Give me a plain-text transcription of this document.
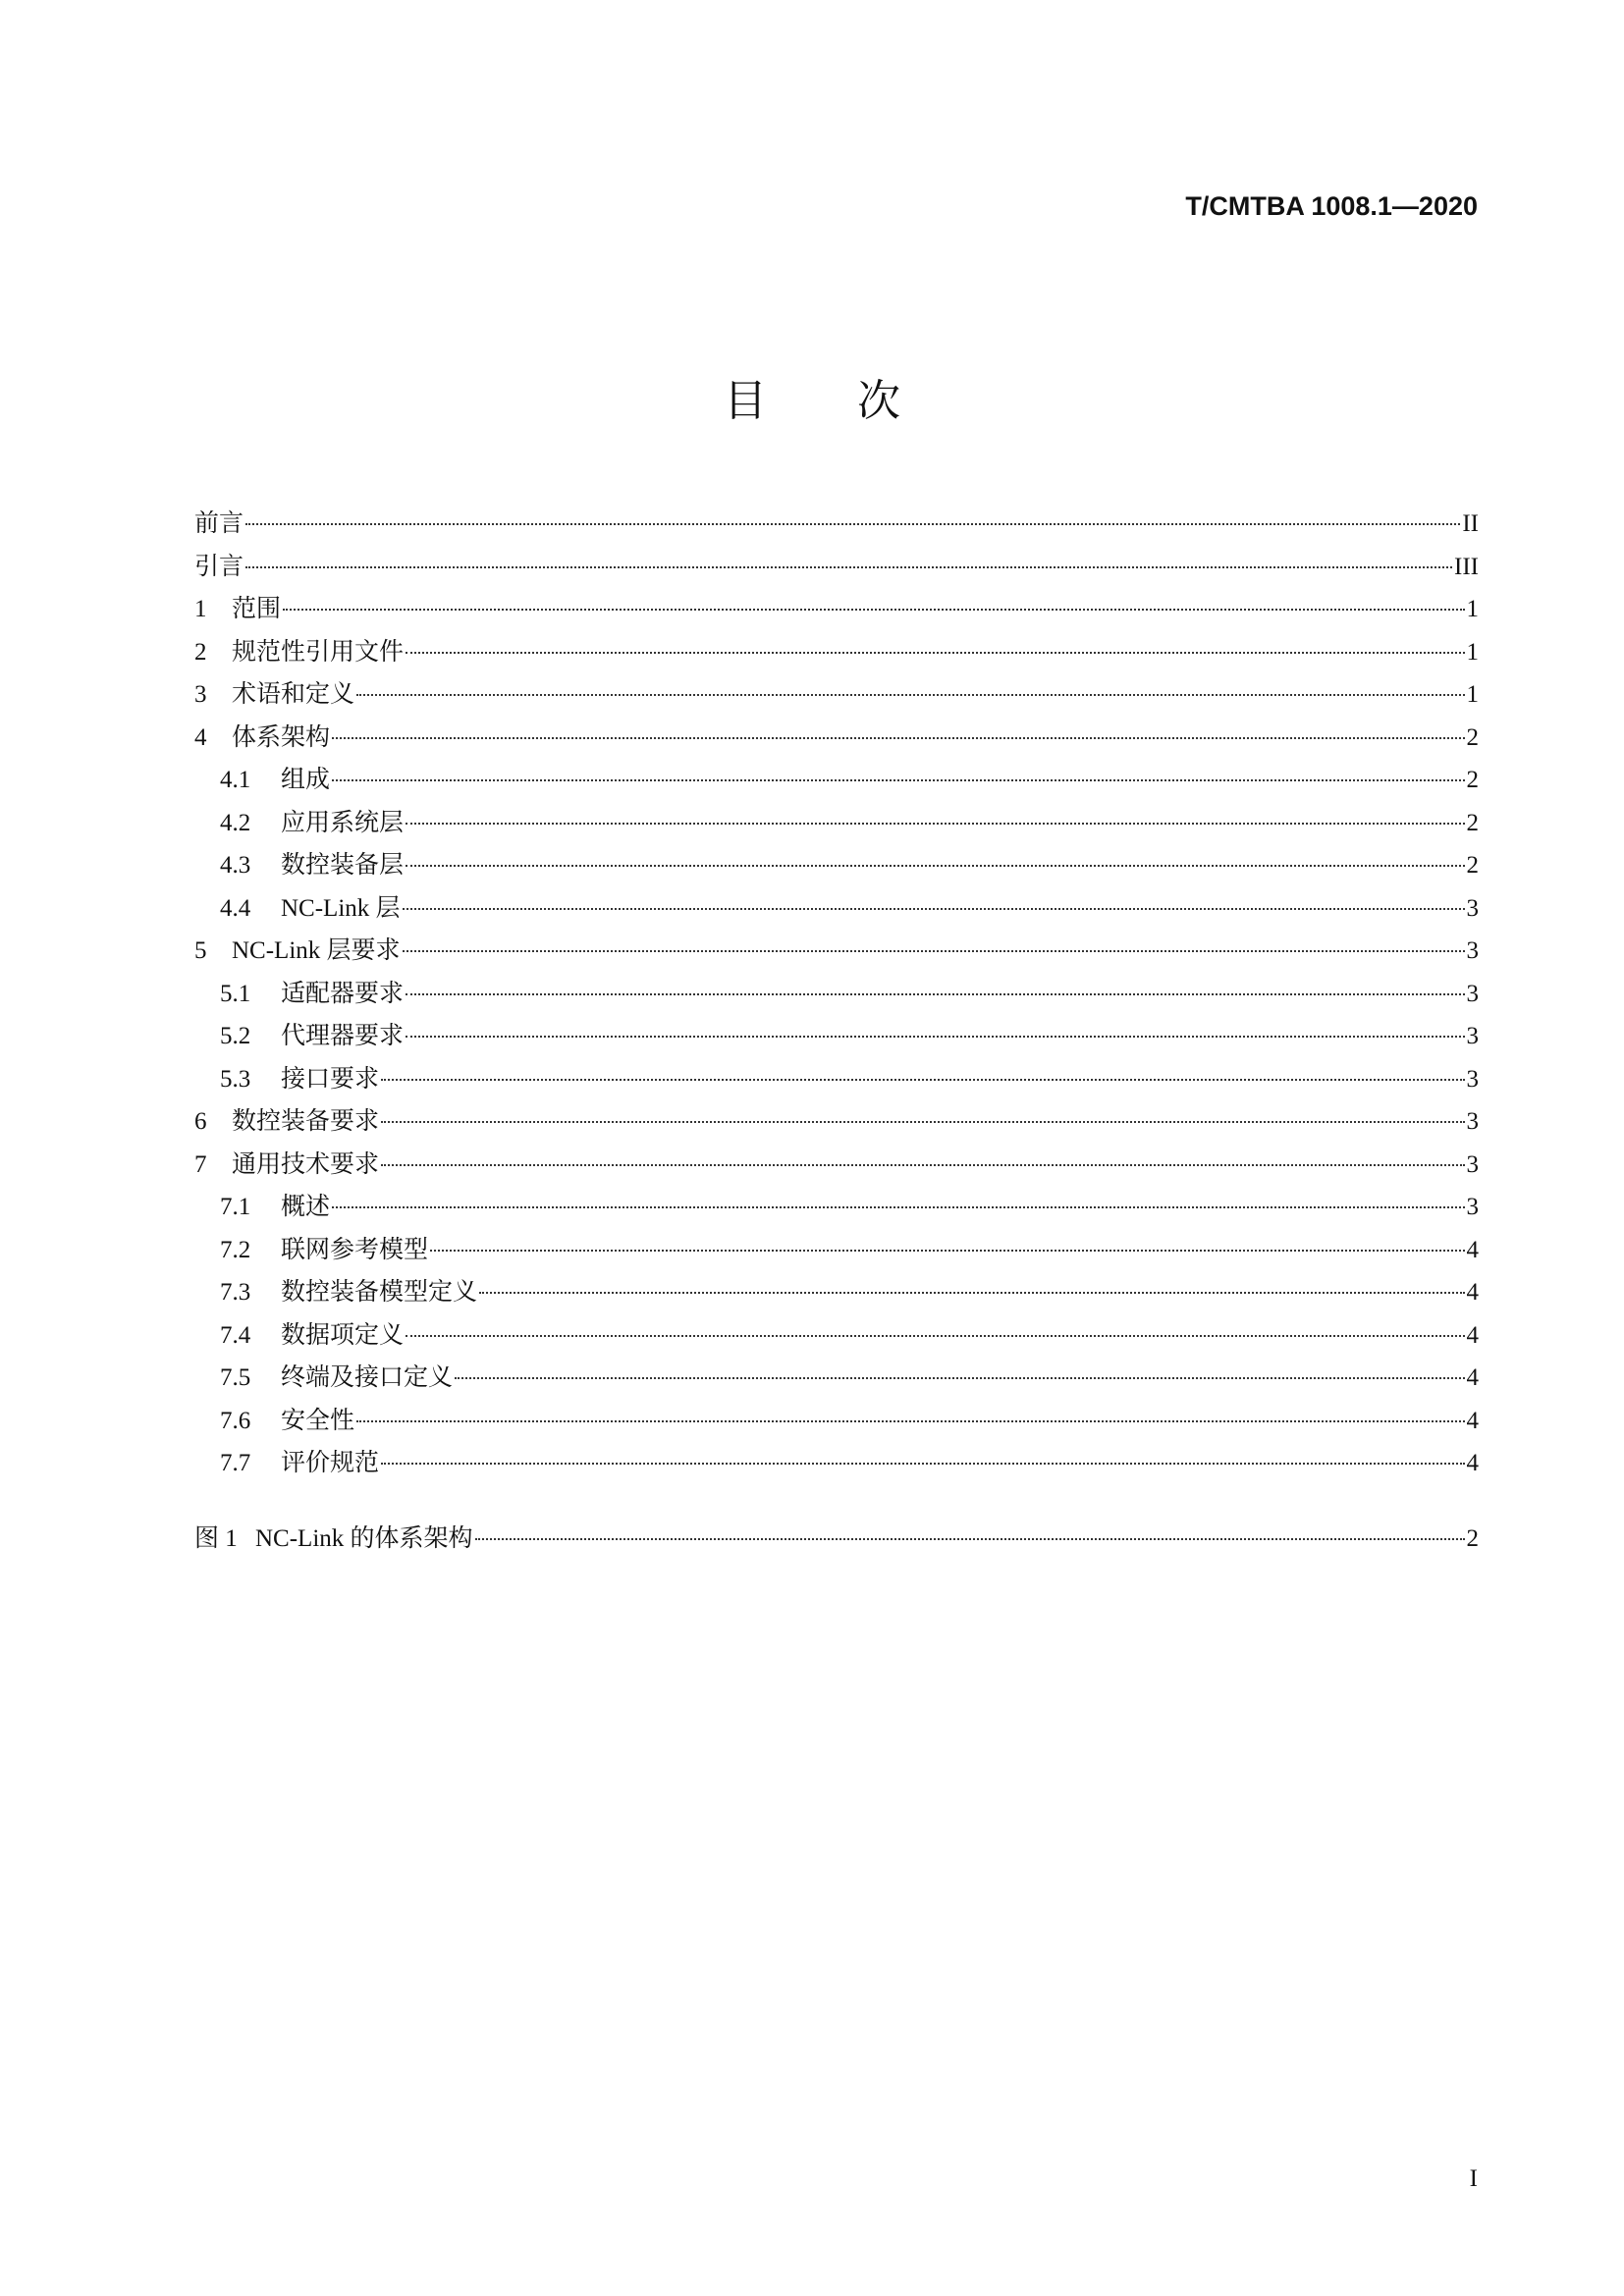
T/CMTBA 1008.1—2020
目次
前言	II
引言	III
1	范围	1
2	规范性引用文件	1
3	术语和定义	1
4	体系架构	2
4.1	组成	2
4.2	应用系统层	2
4.3	数控装备层	2
4.4	NC-Link 层	3
5	NC-Link 层要求	3
5.1	适配器要求	3
5.2	代理器要求	3
5.3	接口要求	3
6	数控装备要求	3
7	通用技术要求	3
7.1	概述	3
7.2	联网参考模型	4
7.3	数控装备模型定义	4
7.4	数据项定义	4
7.5	终端及接口定义	4
7.6	安全性	4
7.7	评价规范	4
图 1 NC-Link 的体系架构	2
I
